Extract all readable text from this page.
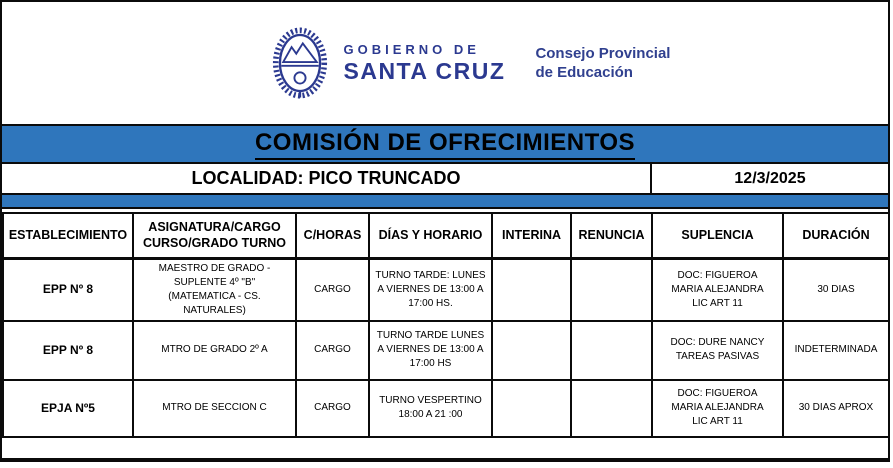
GOBIERNO DE
SANTA CRUZ
Consejo Provincial
de Educación
COMISIÓN DE OFRECIMIENTOS
LOCALIDAD: PICO TRUNCADO	12/3/2025
ESTABLECIMIENTO	ASIGNATURA/CARGO CURSO/GRADO TURNO	C/HORAS	DÍAS Y HORARIO	INTERINA	RENUNCIA	SUPLENCIA	DURACIÓN
EPP Nº 8	MAESTRO DE GRADO - SUPLENTE 4º "B" (MATEMATICA - CS. NATURALES)	CARGO	TURNO TARDE: LUNES A VIERNES DE 13:00 A 17:00 HS.			DOC: FIGUEROA MARIA ALEJANDRA LIC ART 11	30 DIAS
EPP Nº 8	MTRO DE GRADO 2º A	CARGO	TURNO TARDE LUNES A VIERNES DE 13:00 A 17:00 HS			DOC: DURE NANCY TAREAS PASIVAS	INDETERMINADA
EPJA Nº5	MTRO DE SECCION C	CARGO	TURNO VESPERTINO 18:00 A 21 :00			DOC: FIGUEROA MARIA ALEJANDRA LIC ART 11	30 DIAS APROX
